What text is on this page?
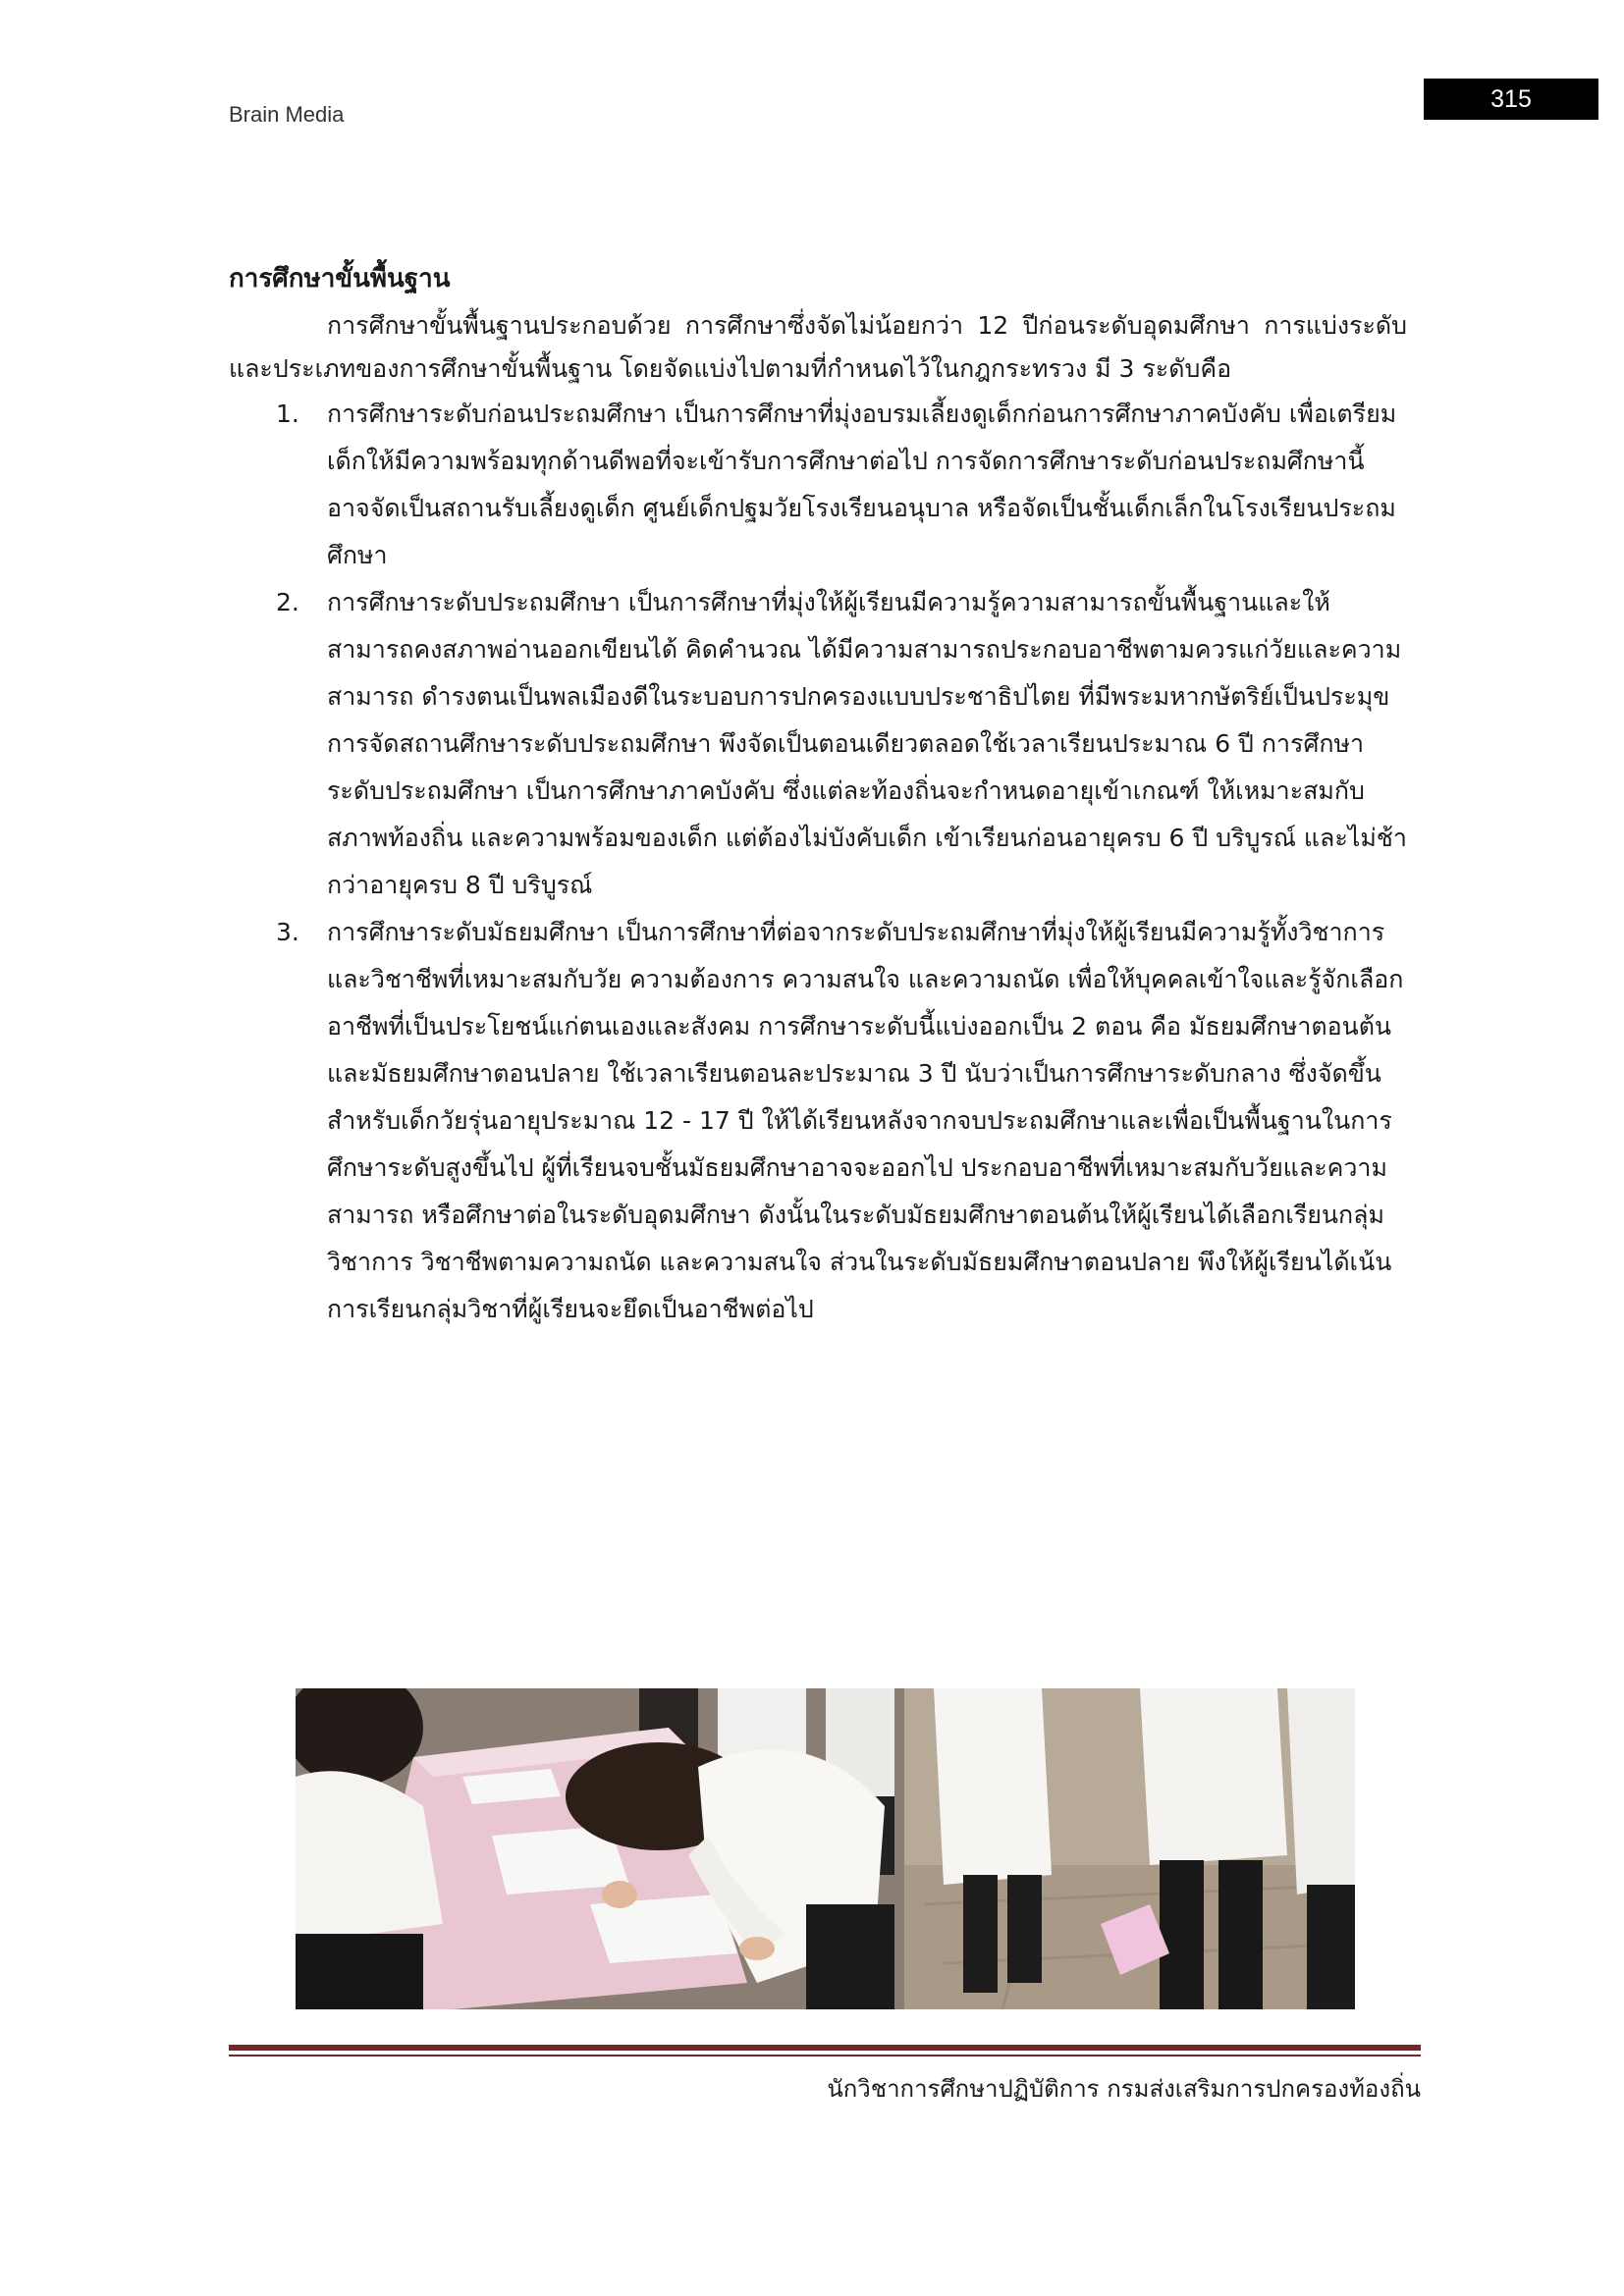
Brain Media
315
การศึกษาขั้นพื้นฐาน

การศึกษาขั้นพื้นฐานประกอบด้วย การศึกษาซึ่งจัดไม่น้อยกว่า 12 ปีก่อนระดับอุดมศึกษา การแบ่งระดับและประเภทของการศึกษาขั้นพื้นฐาน โดยจัดแบ่งไปตามที่กำหนดไว้ในกฎกระทรวง มี 3 ระดับคือ

1.	การศึกษาระดับก่อนประถมศึกษา เป็นการศึกษาที่มุ่งอบรมเลี้ยงดูเด็กก่อนการศึกษาภาคบังคับ เพื่อเตรียมเด็กให้มีความพร้อมทุกด้านดีพอที่จะเข้ารับการศึกษาต่อไป การจัดการศึกษาระดับก่อนประถมศึกษานี้อาจจัดเป็นสถานรับเลี้ยงดูเด็ก ศูนย์เด็กปฐมวัยโรงเรียนอนุบาล หรือจัดเป็นชั้นเด็กเล็กในโรงเรียนประถมศึกษา
2.	การศึกษาระดับประถมศึกษา เป็นการศึกษาที่มุ่งให้ผู้เรียนมีความรู้ความสามารถขั้นพื้นฐานและให้สามารถคงสภาพอ่านออกเขียนได้ คิดคำนวณ ได้มีความสามารถประกอบอาชีพตามควรแก่วัยและความสามารถ ดำรงตนเป็นพลเมืองดีในระบอบการปกครองแบบประชาธิปไตย ที่มีพระมหากษัตริย์เป็นประมุข การจัดสถานศึกษาระดับประถมศึกษา พึงจัดเป็นตอนเดียวตลอดใช้เวลาเรียนประมาณ 6 ปี การศึกษาระดับประถมศึกษา เป็นการศึกษาภาคบังคับ ซึ่งแต่ละท้องถิ่นจะกำหนดอายุเข้าเกณฑ์ ให้เหมาะสมกับสภาพท้องถิ่น และความพร้อมของเด็ก แต่ต้องไม่บังคับเด็ก เข้าเรียนก่อนอายุครบ 6 ปี บริบูรณ์ และไม่ช้ากว่าอายุครบ 8 ปี บริบูรณ์
3.	การศึกษาระดับมัธยมศึกษา เป็นการศึกษาที่ต่อจากระดับประถมศึกษาที่มุ่งให้ผู้เรียนมีความรู้ทั้งวิชาการและวิชาชีพที่เหมาะสมกับวัย ความต้องการ ความสนใจ และความถนัด เพื่อให้บุคคลเข้าใจและรู้จักเลือกอาชีพที่เป็นประโยชน์แก่ตนเองและสังคม การศึกษาระดับนี้แบ่งออกเป็น 2 ตอน คือ มัธยมศึกษาตอนต้นและมัธยมศึกษาตอนปลาย ใช้เวลาเรียนตอนละประมาณ 3 ปี นับว่าเป็นการศึกษาระดับกลาง ซึ่งจัดขึ้นสำหรับเด็กวัยรุ่นอายุประมาณ 12 - 17 ปี ให้ได้เรียนหลังจากจบประถมศึกษาและเพื่อเป็นพื้นฐานในการศึกษาระดับสูงขึ้นไป ผู้ที่เรียนจบชั้นมัธยมศึกษาอาจจะออกไป ประกอบอาชีพที่เหมาะสมกับวัยและความสามารถ หรือศึกษาต่อในระดับอุดมศึกษา ดังนั้นในระดับมัธยมศึกษาตอนต้นให้ผู้เรียนได้เลือกเรียนกลุ่มวิชาการ วิชาชีพตามความถนัด และความสนใจ ส่วนในระดับมัธยมศึกษาตอนปลาย พึงให้ผู้เรียนได้เน้นการเรียนกลุ่มวิชาที่ผู้เรียนจะยึดเป็นอาชีพต่อไป
นักวิชาการศึกษาปฏิบัติการ กรมส่งเสริมการปกครองท้องถิ่น
